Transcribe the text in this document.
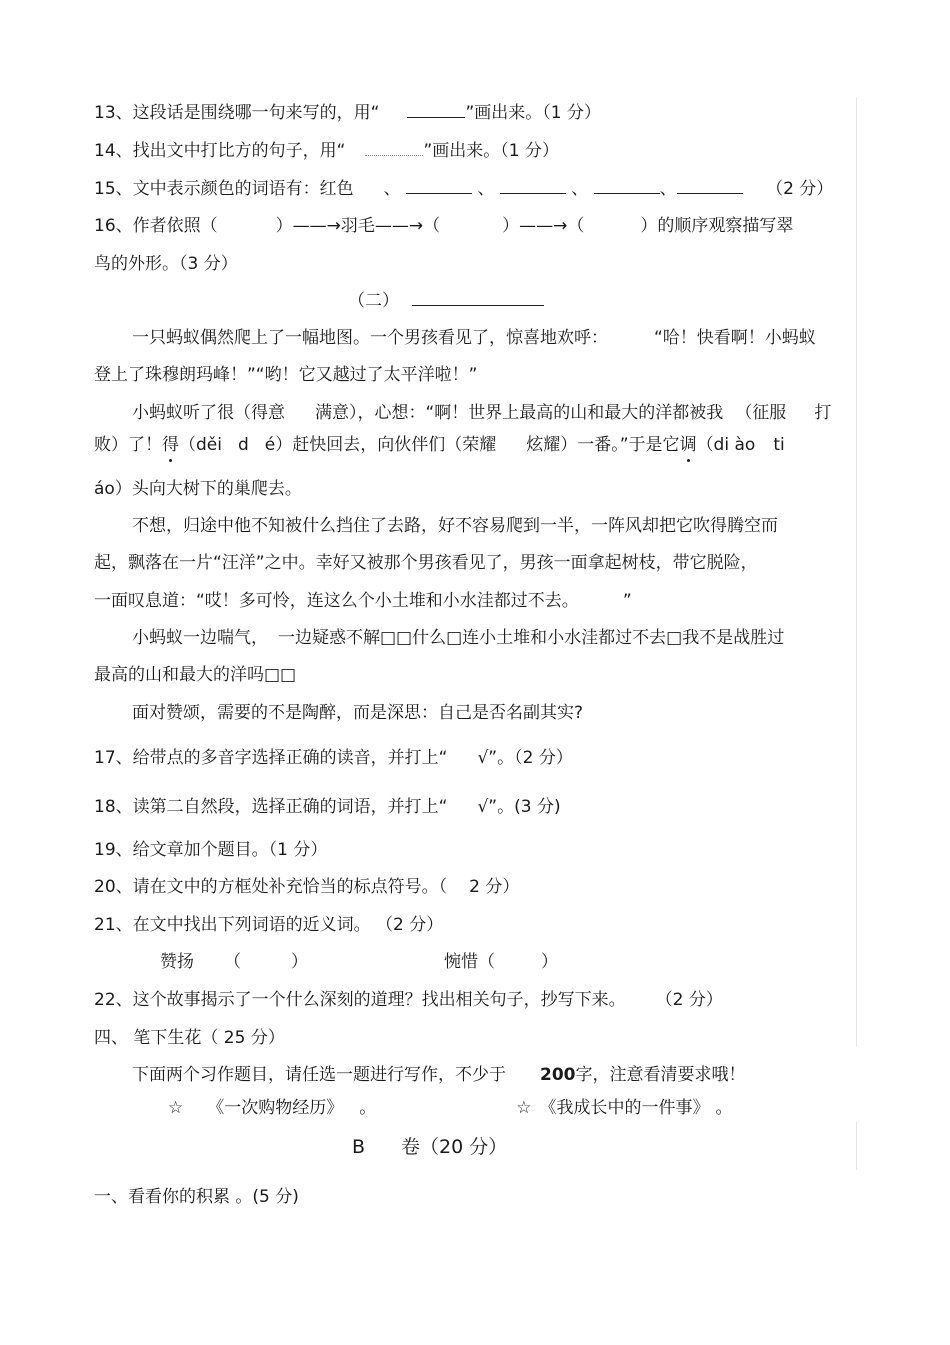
13、这段话是围绕哪一句来写的，用“	”画出来。（1 分）
14、找出文中打比方的句子，用“	”画出来。（1 分）
15、文中表示颜色的词语有：红色 、	、	、	、	（2 分）
16、作者依照（	）——→羽毛——→（	）——→（	）的顺序观察描写翠
鸟的外形。（3 分）
（二）
一只蚂蚁偶然爬上了一幅地图。一个男孩看见了，惊喜地欢呼：	“哈！快看啊！小蚂蚁
登上了珠穆朗玛峰！”“哟！它又越过了太平洋啦！”
小蚂蚁听了很（得意 满意），心想：“啊！世界上最高的山和最大的洋都被我 （征服 打
败）了！得（děi d é）赶快回去，向伙伴们（荣耀 炫耀）一番。”于是它调（di ào ti
áo）头向大树下的巢爬去。
不想，归途中他不知被什么挡住了去路，好不容易爬到一半，一阵风却把它吹得腾空而
起，飘落在一片“汪洋”之中。幸好又被那个男孩看见了，男孩一面拿起树枝，带它脱险，
一面叹息道：“哎！多可怜，连这么个小土堆和小水洼都过不去。	”
小蚂蚁一边喘气， 一边疑惑不解□□什么□连小土堆和小水洼都过不去□我不是战胜过
最高的山和最大的洋吗□□
面对赞颂，需要的不是陶醉，而是深思：自己是否名副其实?
17、给带点的多音字选择正确的读音，并打上“ √”。（2 分）
18、读第二自然段，选择正确的词语，并打上“ √”。(3 分)
19、给文章加个题目。（1 分）
20、请在文中的方框处补充恰当的标点符号。（ 2 分）
21、在文中找出下列词语的近义词。 （2 分）
赞扬 （	）	惋惜（	）
22、这个故事揭示了一个什么深刻的道理？找出相关句子，抄写下来。 （2 分）
四、 笔下生花（ 25 分）
下面两个习作题目，请任选一题进行写作，不少于 200字，注意看清要求哦！
☆ 《一次购物经历》 。	☆ 《我成长中的一件事》 。
B 卷（20 分）
一、看看你的积累 。(5 分)
